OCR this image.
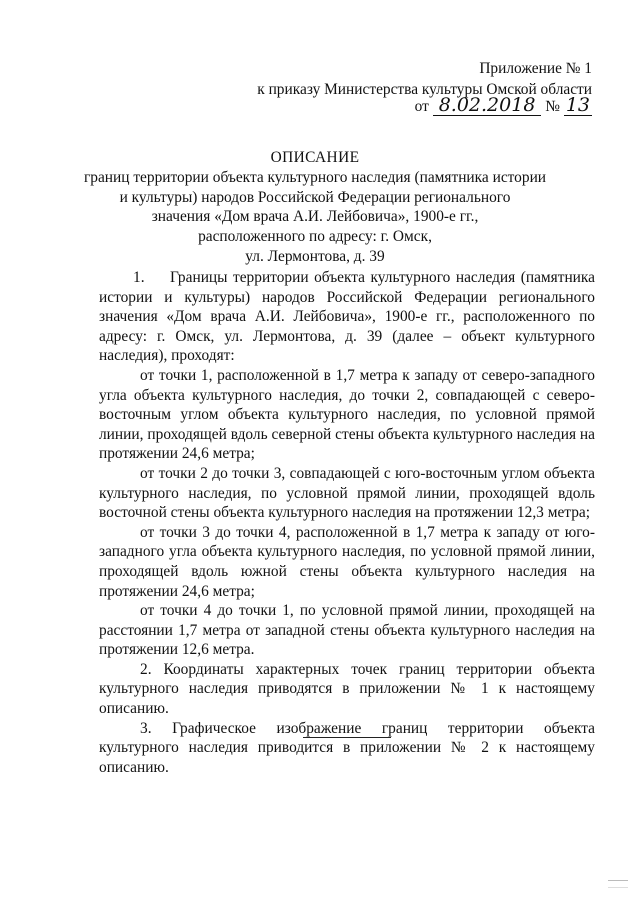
Приложение № 1
к приказу Министерства культуры Омской области
от 8.02.2018 № 13
ОПИСАНИЕ
границ территории объекта культурного наследия (памятника истории
и культуры) народов Российской Федерации регионального
значения «Дом врача А.И. Лейбовича», 1900-е гг.,
расположенного по адресу: г. Омск,
ул. Лермонтова, д. 39

1. Границы территории объекта культурного наследия (памятника истории и культуры) народов Российской Федерации регионального значения «Дом врача А.И. Лейбовича», 1900-е гг., расположенного по адресу: г. Омск, ул. Лермонтова, д. 39 (далее – объект культурного наследия), проходят:

от точки 1, расположенной в 1,7 метра к западу от северо-западного угла объекта культурного наследия, до точки 2, совпадающей с северо-восточным углом объекта культурного наследия, по условной прямой линии, проходящей вдоль северной стены объекта культурного наследия на протяжении 24,6 метра;

от точки 2 до точки 3, совпадающей с юго-восточным углом объекта культурного наследия, по условной прямой линии, проходящей вдоль восточной стены объекта культурного наследия на протяжении 12,3 метра;

от точки 3 до точки 4, расположенной в 1,7 метра к западу от юго-западного угла объекта культурного наследия, по условной прямой линии, проходящей вдоль южной стены объекта культурного наследия на протяжении 24,6 метра;

от точки 4 до точки 1, по условной прямой линии, проходящей на расстоянии 1,7 метра от западной стены объекта культурного наследия на протяжении 12,6 метра.

2. Координаты характерных точек границ территории объекта культурного наследия приводятся в приложении № 1 к настоящему описанию.

3. Графическое изображение границ территории объекта культурного наследия приводится в приложении № 2 к настоящему описанию.
